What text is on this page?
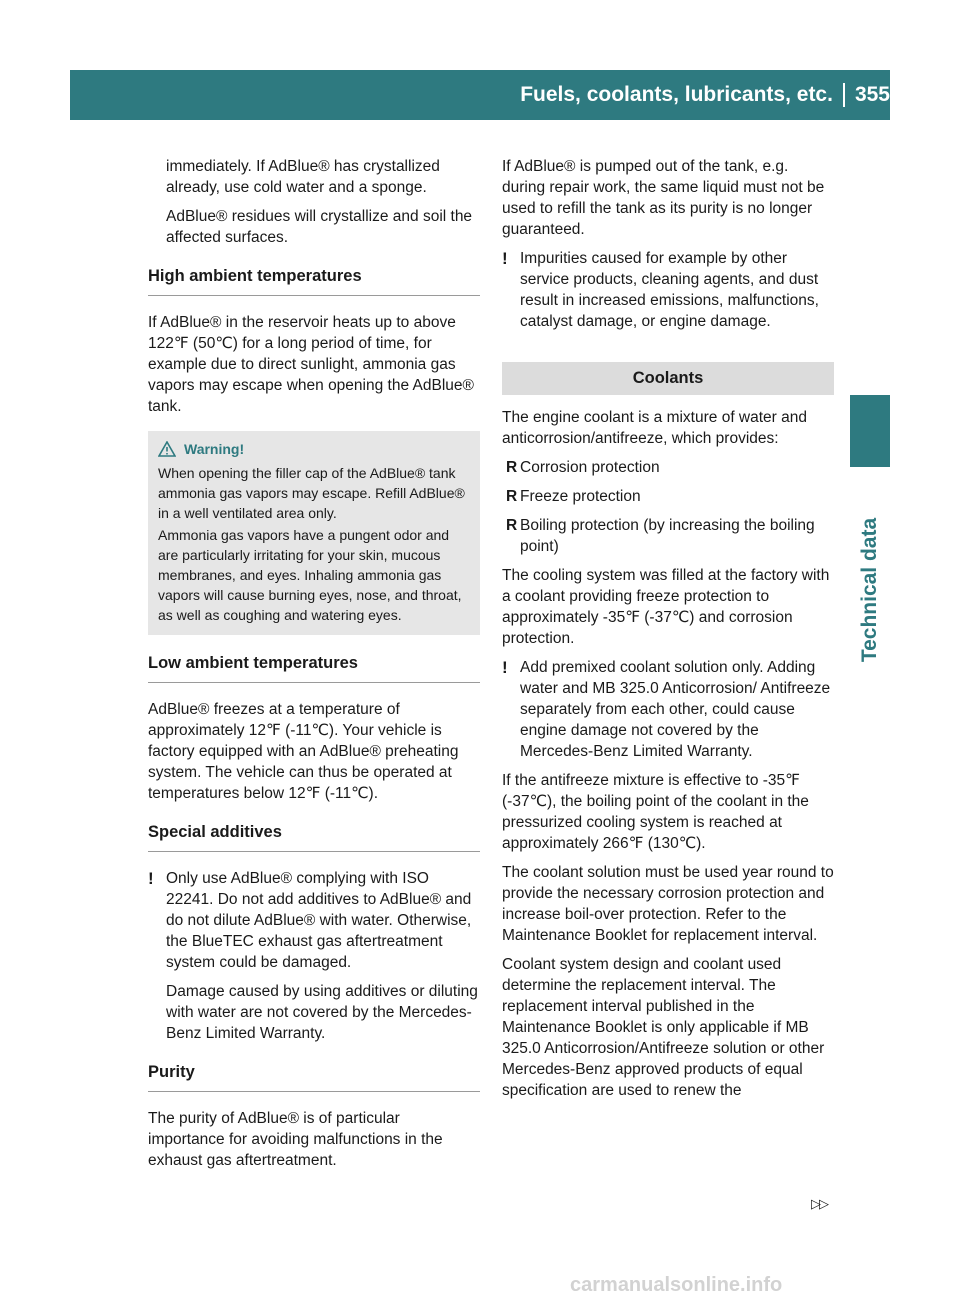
Fuels, coolants, lubricants, etc.	355
Technical data

immediately. If AdBlue® has crystallized already, use cold water and a sponge.

AdBlue® residues will crystallize and soil the affected surfaces.

High ambient temperatures

If AdBlue® in the reservoir heats up to above 122℉ (50℃) for a long period of time, for example due to direct sunlight, ammonia gas vapors may escape when opening the AdBlue® tank.

Warning!

When opening the filler cap of the AdBlue® tank ammonia gas vapors may escape. Refill AdBlue® in a well ventilated area only.

Ammonia gas vapors have a pungent odor and are particularly irritating for your skin, mucous membranes, and eyes. Inhaling ammonia gas vapors will cause burning eyes, nose, and throat, as well as coughing and watering eyes.

Low ambient temperatures

AdBlue® freezes at a temperature of approximately 12℉ (-11℃). Your vehicle is factory equipped with an AdBlue® preheating system. The vehicle can thus be operated at temperatures below 12℉ (-11℃).

Special additives
! Only use AdBlue® complying with ISO 22241. Do not add additives to AdBlue® and do not dilute AdBlue® with water. Otherwise, the BlueTEC exhaust gas aftertreatment system could be damaged.

Damage caused by using additives or diluting with water are not covered by the Mercedes-Benz Limited Warranty.

Purity

The purity of AdBlue® is of particular importance for avoiding malfunctions in the exhaust gas aftertreatment.

If AdBlue® is pumped out of the tank, e.g. during repair work, the same liquid must not be used to refill the tank as its purity is no longer guaranteed.

! Impurities caused for example by other service products, cleaning agents, and dust result in increased emissions, malfunctions, catalyst damage, or engine damage.

Coolants

The engine coolant is a mixture of water and anticorrosion/antifreeze, which provides:

R Corrosion protection
R Freeze protection
R Boiling protection (by increasing the boiling point)

The cooling system was filled at the factory with a coolant providing freeze protection to approximately -35℉ (-37℃) and corrosion protection.

! Add premixed coolant solution only. Adding water and MB 325.0 Anticorrosion/ Antifreeze separately from each other, could cause engine damage not covered by the Mercedes-Benz Limited Warranty.

If the antifreeze mixture is effective to -35℉ (-37℃), the boiling point of the coolant in the pressurized cooling system is reached at approximately 266℉ (130℃).

The coolant solution must be used year round to provide the necessary corrosion protection and increase boil-over protection. Refer to the Maintenance Booklet for replacement interval.

Coolant system design and coolant used determine the replacement interval. The replacement interval published in the Maintenance Booklet is only applicable if MB 325.0 Anticorrosion/Antifreeze solution or other Mercedes-Benz approved products of equal specification are used to renew the

▷▷
carmanualsonline.info
